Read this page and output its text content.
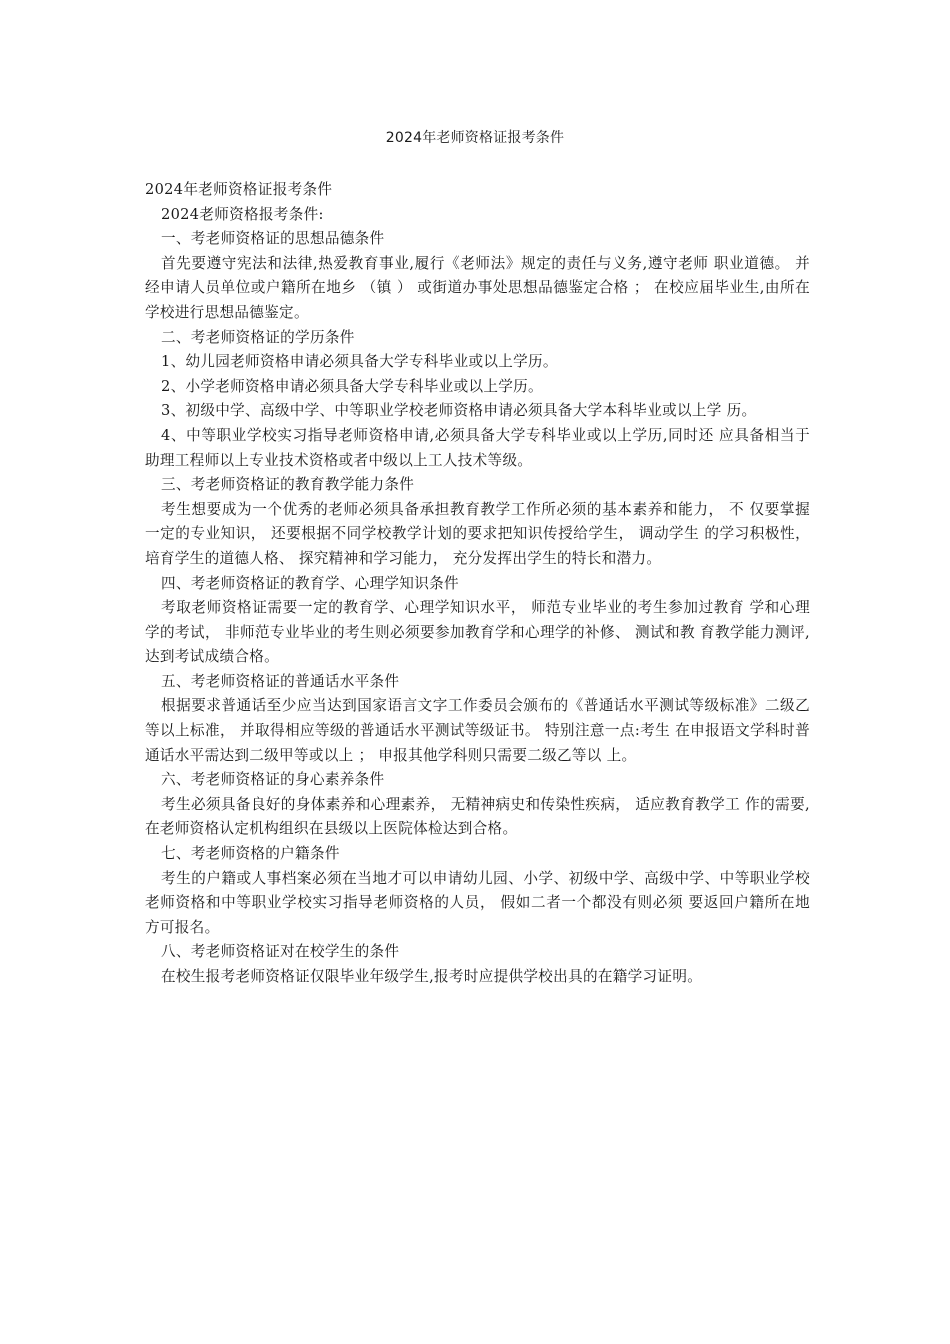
2024年老师资格证报考条件

2024年老师资格证报考条件

2024老师资格报考条件:

一、考老师资格证的思想品德条件

首先要遵守宪法和法律,热爱教育事业,履行《老师法》规定的责任与义务,遵守老师 职业道德。 并经申请人员单位或户籍所在地乡 （镇 ） 或街道办事处思想品德鉴定合格 ； 在校应届毕业生,由所在学校进行思想品德鉴定。

二、考老师资格证的学历条件

1、幼儿园老师资格申请必须具备大学专科毕业或以上学历。

2、小学老师资格申请必须具备大学专科毕业或以上学历。

3、初级中学、高级中学、中等职业学校老师资格申请必须具备大学本科毕业或以上学 历。

4、中等职业学校实习指导老师资格申请,必须具备大学专科毕业或以上学历,同时还 应具备相当于助理工程师以上专业技术资格或者中级以上工人技术等级。

三、考老师资格证的教育教学能力条件

考生想要成为一个优秀的老师必须具备承担教育教学工作所必须的基本素养和能力， 不 仅要掌握一定的专业知识， 还要根据不同学校教学计划的要求把知识传授给学生， 调动学生 的学习积极性， 培育学生的道德人格、 探究精神和学习能力， 充分发挥出学生的特长和潜力。

四、考老师资格证的教育学、心理学知识条件

考取老师资格证需要一定的教育学、心理学知识水平， 师范专业毕业的考生参加过教育 学和心理学的考试， 非师范专业毕业的考生则必须要参加教育学和心理学的补修、 测试和教 育教学能力测评,达到考试成绩合格。

五、考老师资格证的普通话水平条件

根据要求普通话至少应当达到国家语言文字工作委员会颁布的《普通话水平测试等级标准》二级乙等以上标准， 并取得相应等级的普通话水平测试等级证书。 特别注意一点:考生 在申报语文学科时普通话水平需达到二级甲等或以上 ； 申报其他学科则只需要二级乙等以 上。

六、考老师资格证的身心素养条件

考生必须具备良好的身体素养和心理素养， 无精神病史和传染性疾病， 适应教育教学工 作的需要,在老师资格认定机构组织在县级以上医院体检达到合格。

七、考老师资格的户籍条件

考生的户籍或人事档案必须在当地才可以申请幼儿园、小学、初级中学、高级中学、中等职业学校老师资格和中等职业学校实习指导老师资格的人员， 假如二者一个都没有则必须 要返回户籍所在地方可报名。

八、考老师资格证对在校学生的条件

在校生报考老师资格证仅限毕业年级学生,报考时应提供学校出具的在籍学习证明。
